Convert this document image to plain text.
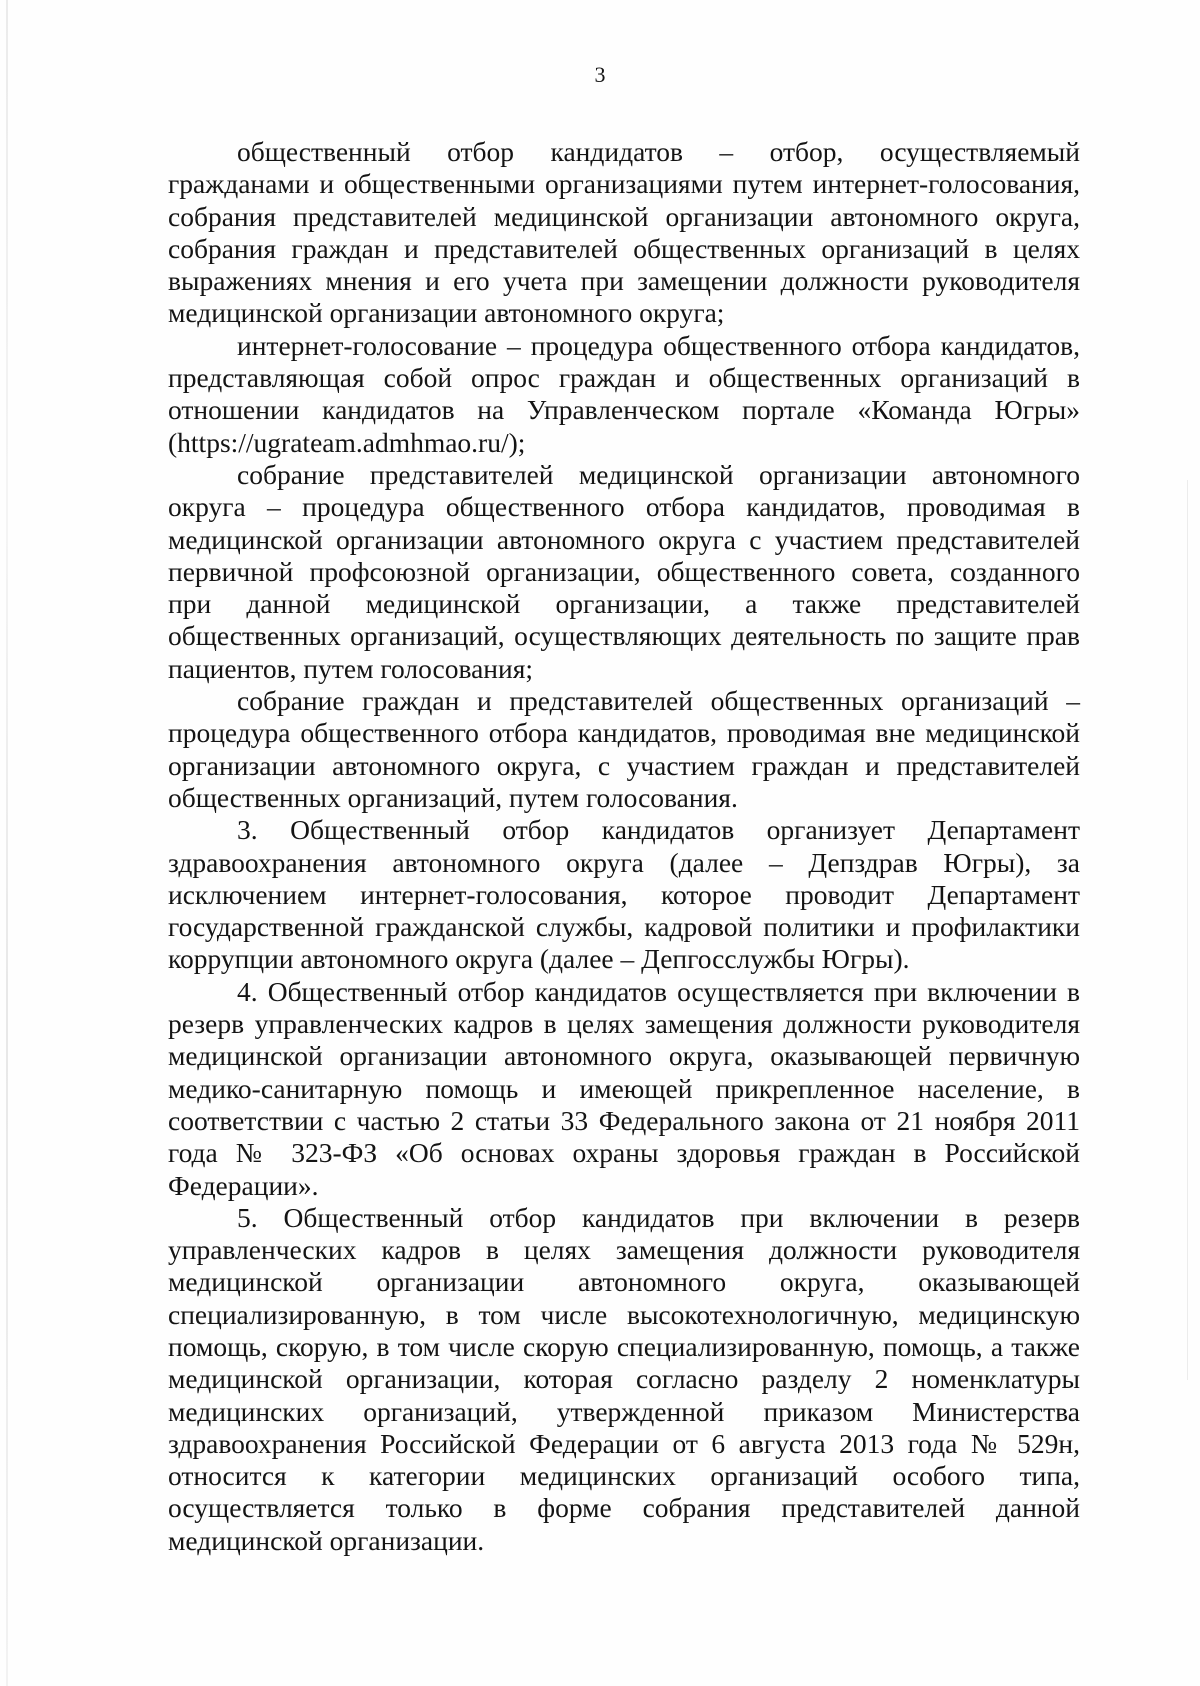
3

общественный отбор кандидатов – отбор, осуществляемый гражданами и общественными организациями путем интернет-голосования, собрания представителей медицинской организации автономного округа, собрания граждан и представителей общественных организаций в целях выражениях мнения и его учета при замещении должности руководителя медицинской организации автономного округа;

интернет-голосование – процедура общественного отбора кандидатов, представляющая собой опрос граждан и общественных организаций в отношении кандидатов на Управленческом портале «Команда Югры» (https://ugrateam.admhmao.ru/);

собрание представителей медицинской организации автономного округа – процедура общественного отбора кандидатов, проводимая в медицинской организации автономного округа с участием представителей первичной профсоюзной организации, общественного совета, созданного при данной медицинской организации, а также представителей общественных организаций, осуществляющих деятельность по защите прав пациентов, путем голосования;

собрание граждан и представителей общественных организаций – процедура общественного отбора кандидатов, проводимая вне медицинской организации автономного округа, с участием граждан и представителей общественных организаций, путем голосования.

3. Общественный отбор кандидатов организует Департамент здравоохранения автономного округа (далее – Депздрав Югры), за исключением интернет-голосования, которое проводит Департамент государственной гражданской службы, кадровой политики и профилактики коррупции автономного округа (далее – Депгосслужбы Югры).

4. Общественный отбор кандидатов осуществляется при включении в резерв управленческих кадров в целях замещения должности руководителя медицинской организации автономного округа, оказывающей первичную медико-санитарную помощь и имеющей прикрепленное население, в соответствии с частью 2 статьи 33 Федерального закона от 21 ноября 2011 года № 323-ФЗ «Об основах охраны здоровья граждан в Российской Федерации».

5. Общественный отбор кандидатов при включении в резерв управленческих кадров в целях замещения должности руководителя медицинской организации автономного округа, оказывающей специализированную, в том числе высокотехнологичную, медицинскую помощь, скорую, в том числе скорую специализированную, помощь, а также медицинской организации, которая согласно разделу 2 номенклатуры медицинских организаций, утвержденной приказом Министерства здравоохранения Российской Федерации от 6 августа 2013 года № 529н, относится к категории медицинских организаций особого типа, осуществляется только в форме собрания представителей данной медицинской организации.
